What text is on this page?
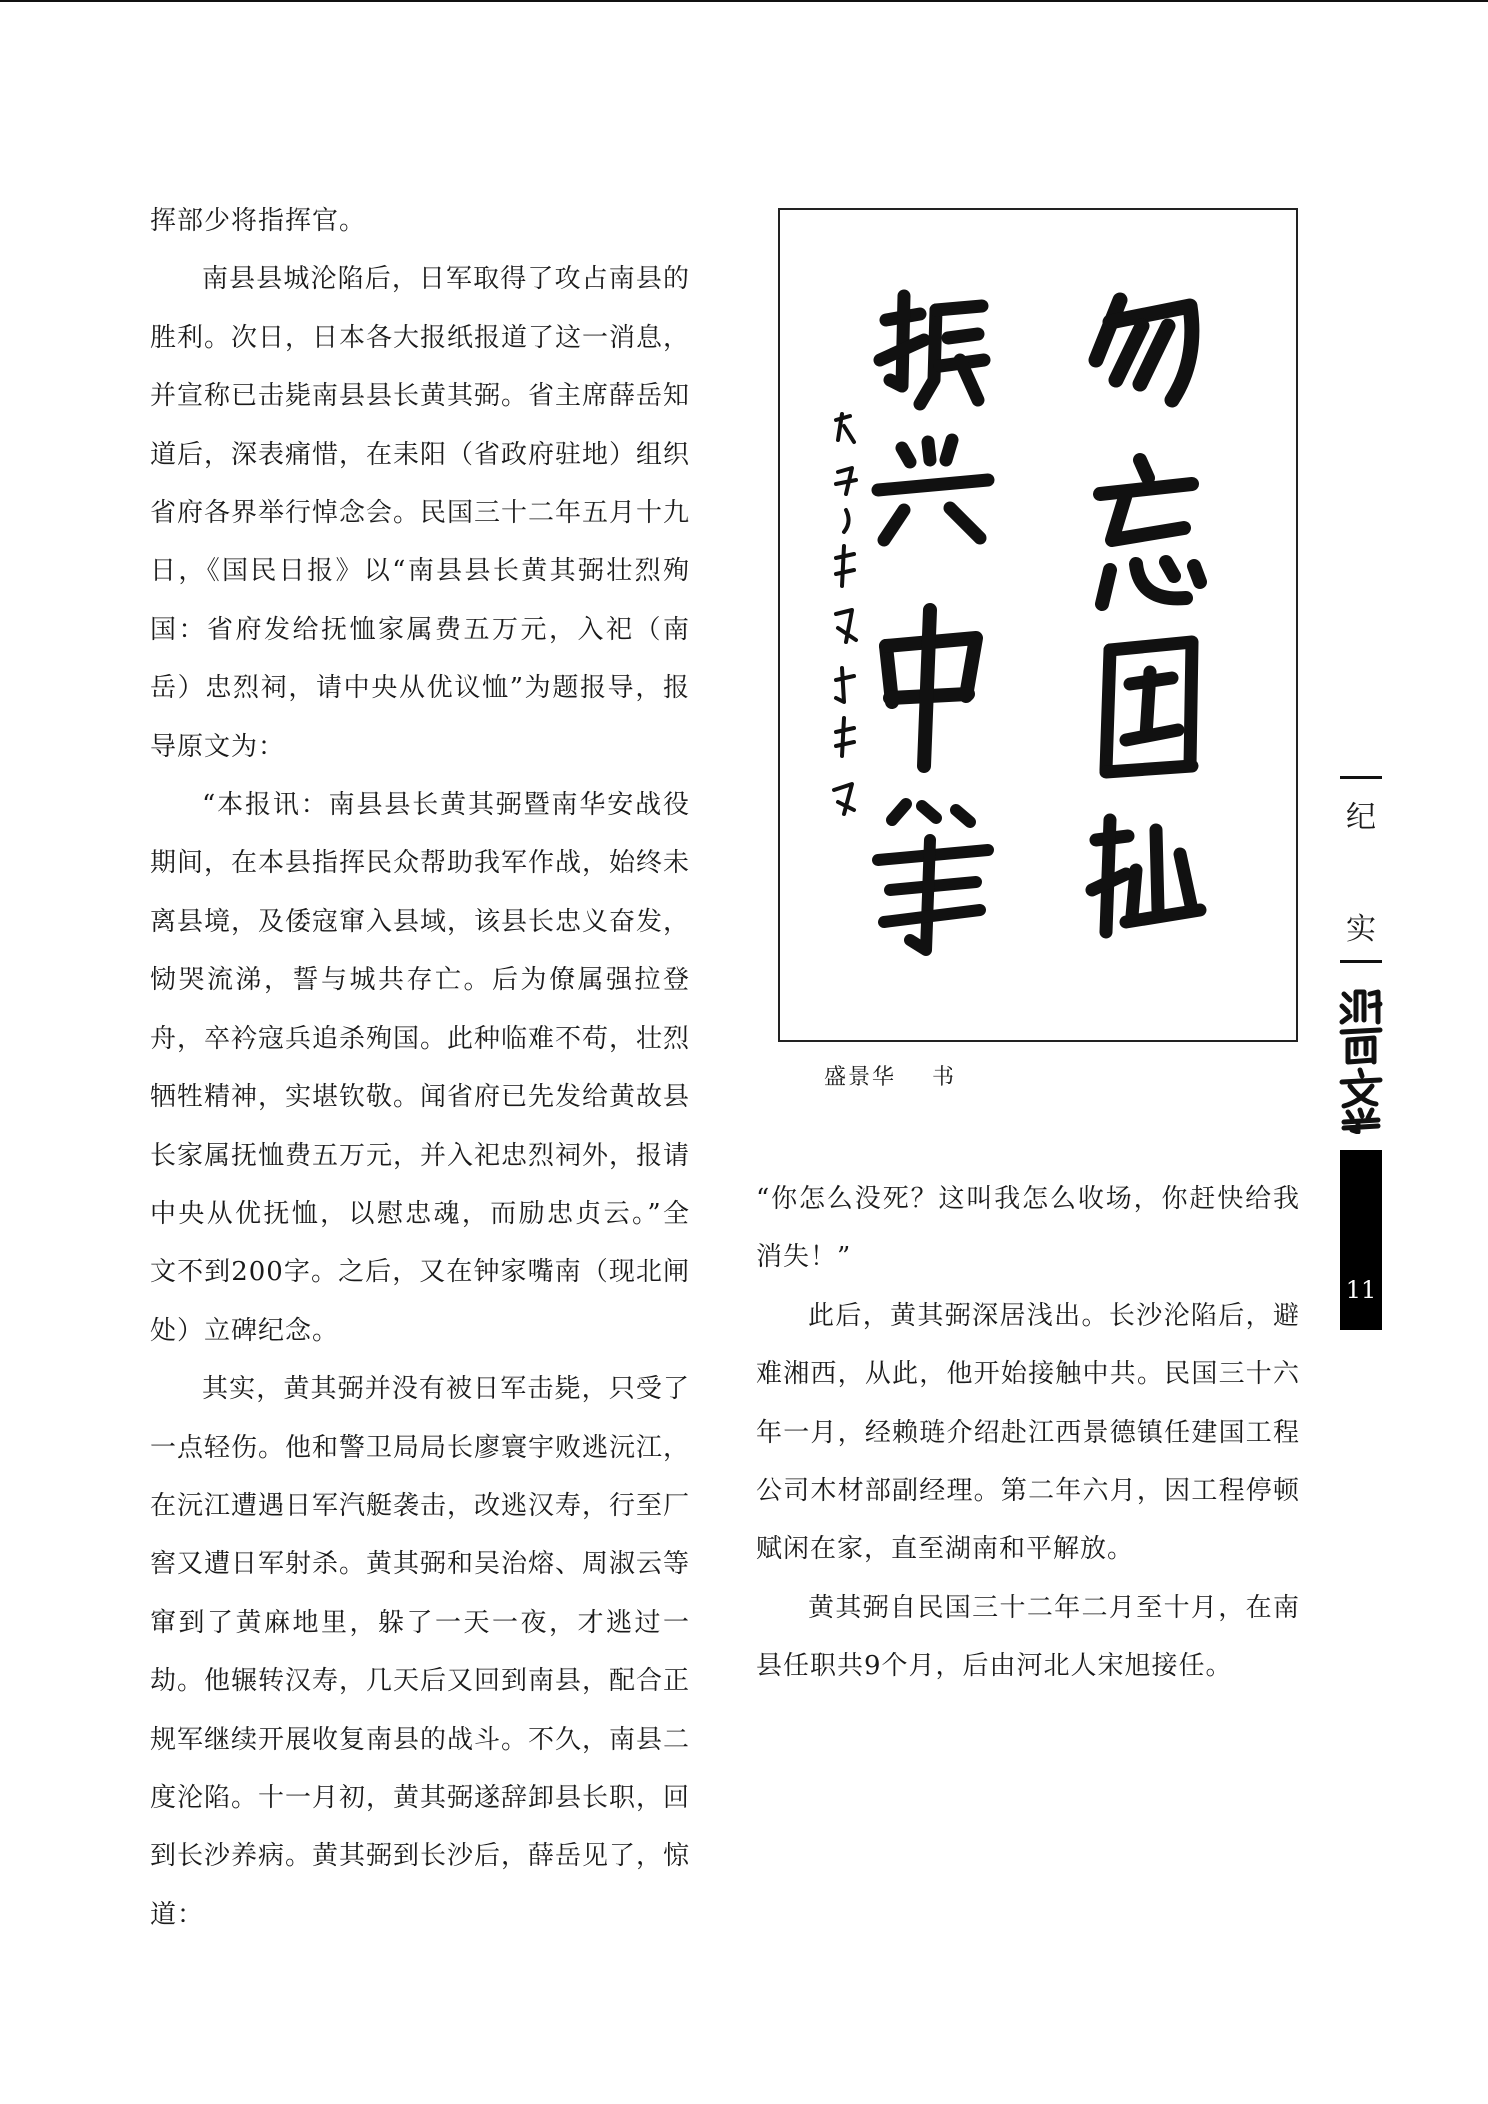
挥部少将指挥官。

南县县城沦陷后，日军取得了攻占南县的胜利。次日，日本各大报纸报道了这一消息，并宣称已击毙南县县长黄其弼。省主席薛岳知道后，深表痛惜，在耒阳（省政府驻地）组织省府各界举行悼念会。民国三十二年五月十九日，《国民日报》以“南县县长黄其弼壮烈殉国：省府发给抚恤家属费五万元，入祀（南岳）忠烈祠，请中央从优议恤”为题报导，报导原文为：

“本报讯：南县县长黄其弼暨南华安战役期间，在本县指挥民众帮助我军作战，始终未离县境，及倭寇窜入县域，该县长忠义奋发，恸哭流涕，誓与城共存亡。后为僚属强拉登舟，卒衿寇兵追杀殉国。此种临难不苟，壮烈牺牲精神，实堪钦敬。闻省府已先发给黄故县长家属抚恤费五万元，并入祀忠烈祠外，报请中央从优抚恤，以慰忠魂，而励忠贞云。”全文不到200字。之后，又在钟家嘴南（现北闸处）立碑纪念。

其实，黄其弼并没有被日军击毙，只受了一点轻伤。他和警卫局局长廖寰宇败逃沅江，在沅江遭遇日军汽艇袭击，改逃汉寿，行至厂窖又遭日军射杀。黄其弼和吴治熔、周淑云等窜到了黄麻地里，躲了一天一夜，才逃过一劫。他辗转汉寿，几天后又回到南县，配合正规军继续开展收复南县的战斗。不久，南县二度沦陷。十一月初，黄其弼遂辞卸县长职，回到长沙养病。黄其弼到长沙后，薛岳见了，惊道：

盛景华 书

“你怎么没死？这叫我怎么收场，你赶快给我消失！”

此后，黄其弼深居浅出。长沙沦陷后，避难湘西，从此，他开始接触中共。民国三十六年一月，经赖琏介绍赴江西景德镇任建国工程公司木材部副经理。第二年六月，因工程停顿赋闲在家，直至湖南和平解放。

黄其弼自民国三十二年二月至十月，在南县任职共9个月，后由河北人宋旭接任。

纪
实
11
